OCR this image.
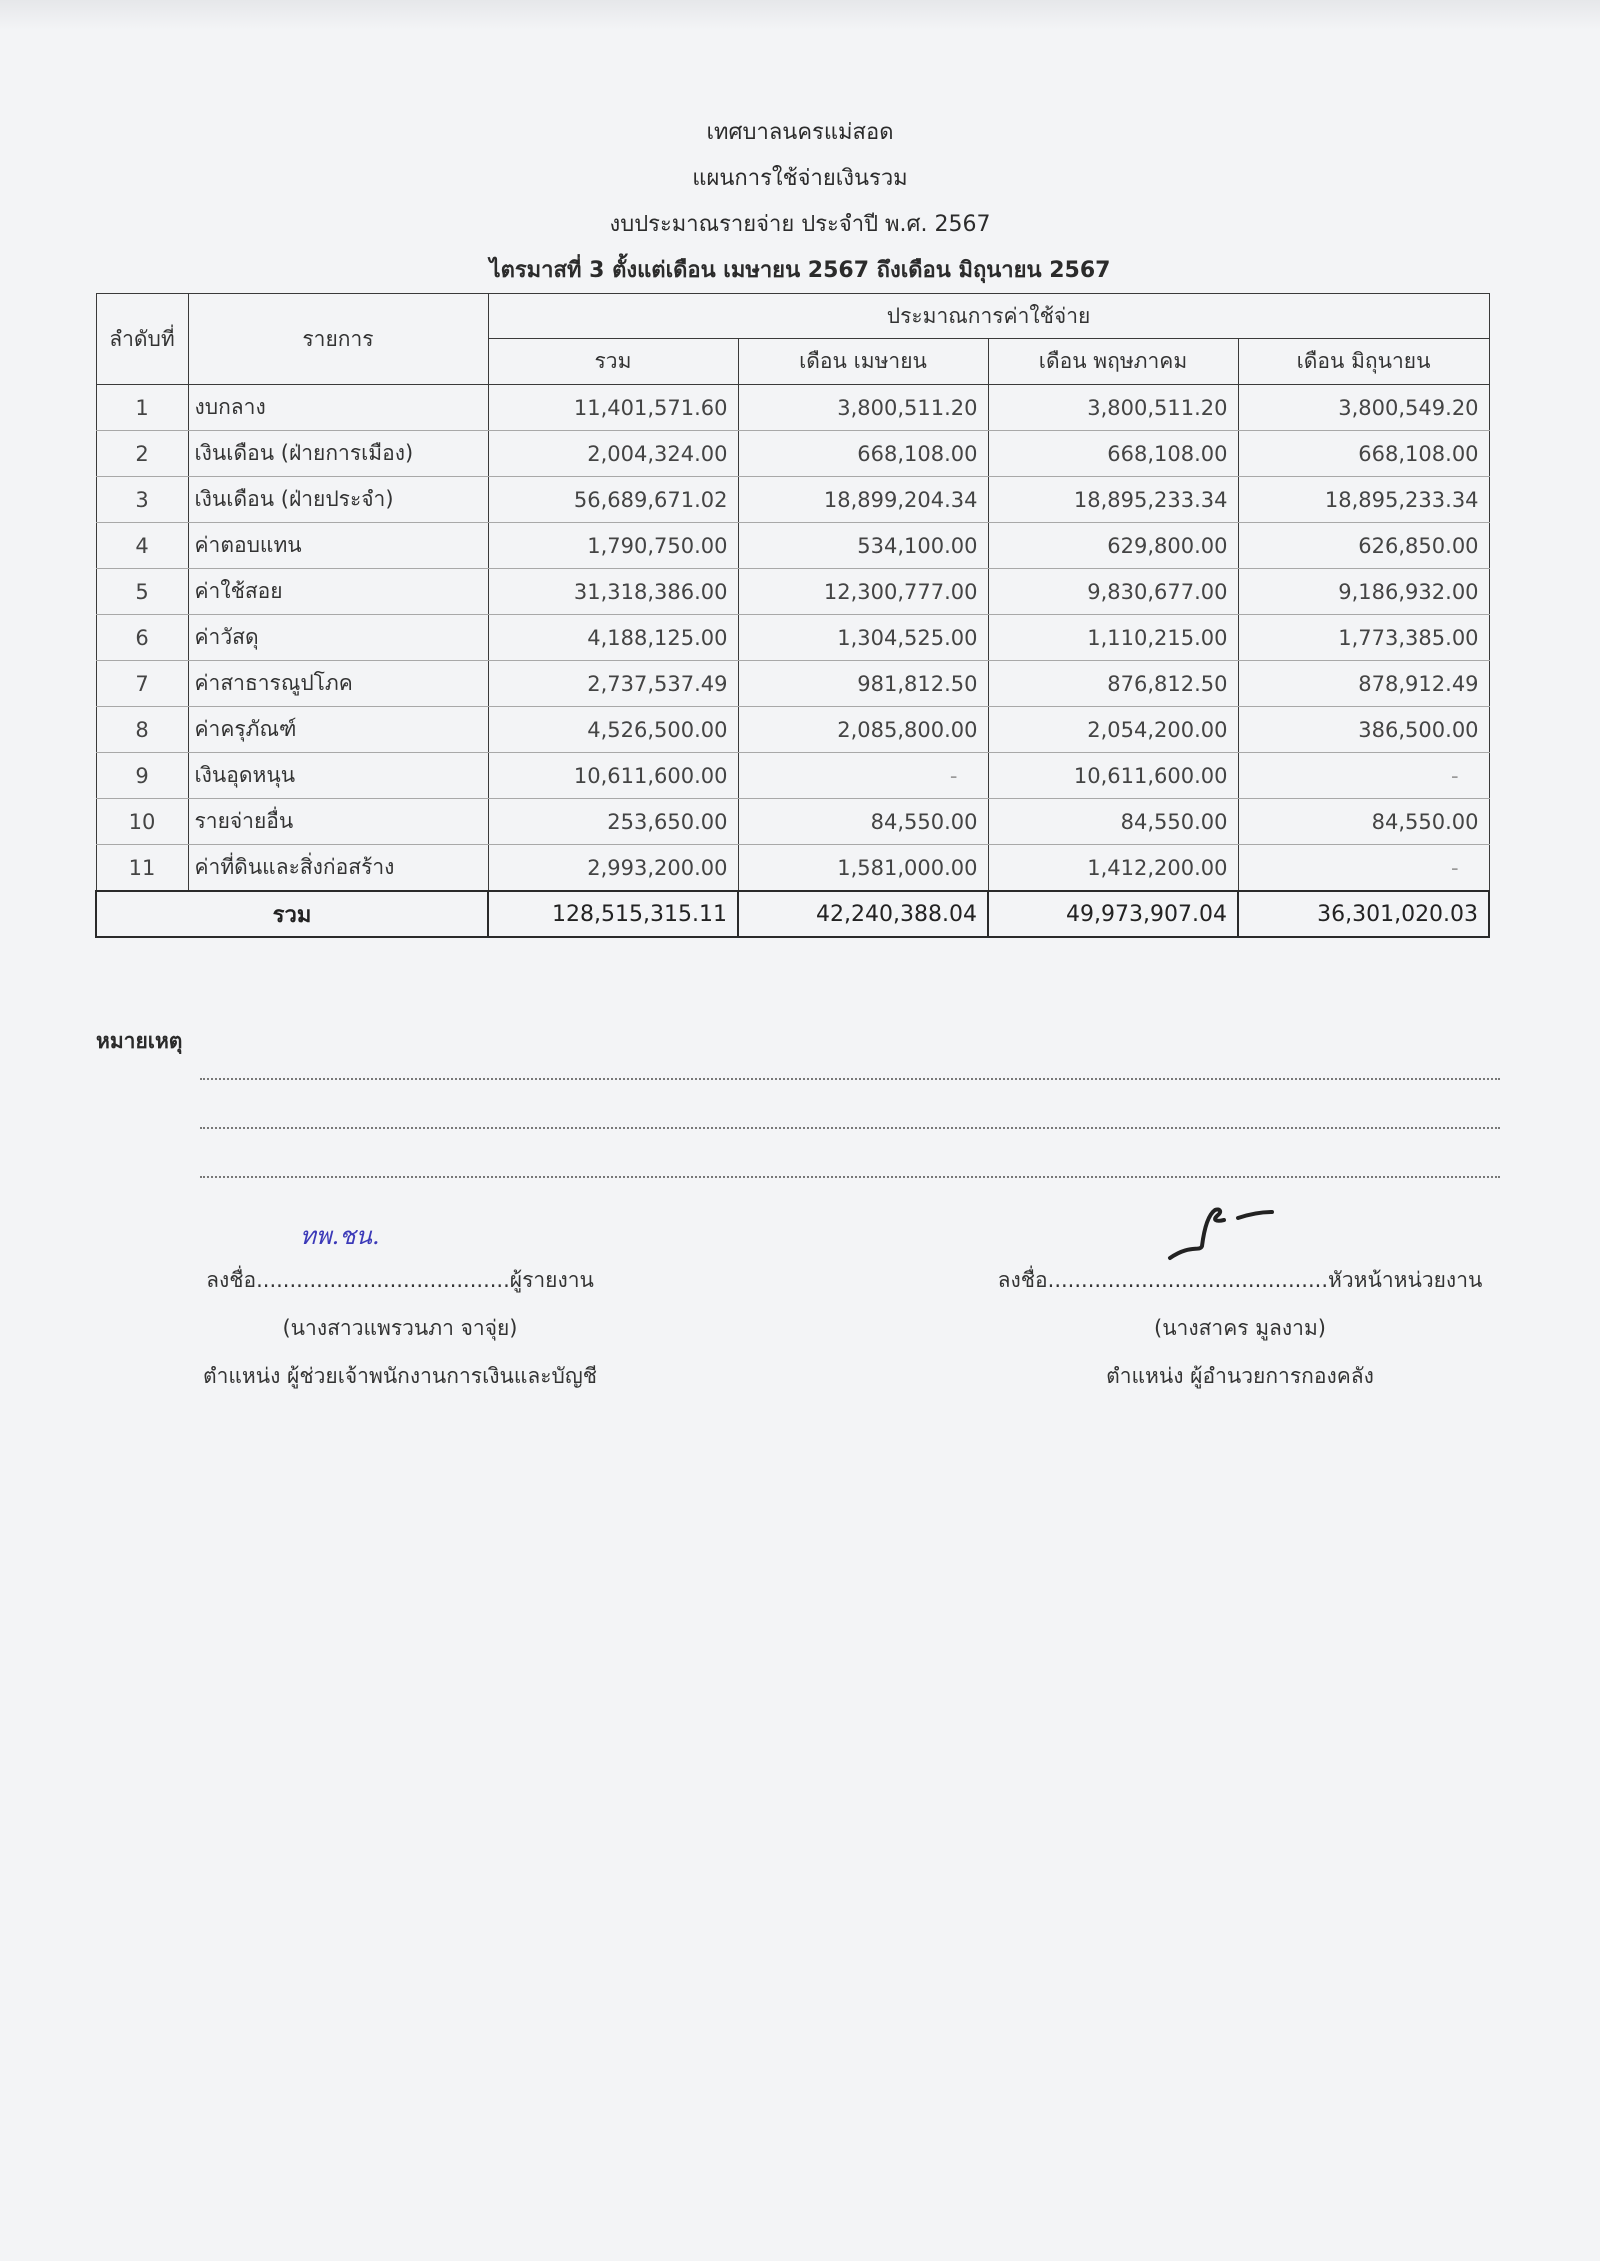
เทศบาลนครแม่สอด
แผนการใช้จ่ายเงินรวม
งบประมาณรายจ่าย ประจำปี พ.ศ. 2567
ไตรมาสที่ 3 ตั้งแต่เดือน เมษายน 2567 ถึงเดือน มิถุนายน 2567
ลำดับที่	รายการ	ประมาณการค่าใช้จ่าย			
		รวม	เดือน เมษายน	เดือน พฤษภาคม	เดือน มิถุนายน
1	งบกลาง	11,401,571.60	3,800,511.20	3,800,511.20	3,800,549.20
2	เงินเดือน (ฝ่ายการเมือง)	2,004,324.00	668,108.00	668,108.00	668,108.00
3	เงินเดือน (ฝ่ายประจำ)	56,689,671.02	18,899,204.34	18,895,233.34	18,895,233.34
4	ค่าตอบแทน	1,790,750.00	534,100.00	629,800.00	626,850.00
5	ค่าใช้สอย	31,318,386.00	12,300,777.00	9,830,677.00	9,186,932.00
6	ค่าวัสดุ	4,188,125.00	1,304,525.00	1,110,215.00	1,773,385.00
7	ค่าสาธารณูปโภค	2,737,537.49	981,812.50	876,812.50	878,912.49
8	ค่าครุภัณฑ์	4,526,500.00	2,085,800.00	2,054,200.00	386,500.00
9	เงินอุดหนุน	10,611,600.00	-	10,611,600.00	-
10	รายจ่ายอื่น	253,650.00	84,550.00	84,550.00	84,550.00
11	ค่าที่ดินและสิ่งก่อสร้าง	2,993,200.00	1,581,000.00	1,412,200.00	-
รวม		128,515,315.11	42,240,388.04	49,973,907.04	36,301,020.03
หมายเหตุ
ทพ.ชน.
ลงชื่อ......................................ผู้รายงาน
(นางสาวแพรวนภา จาจุ่ย)
ตำแหน่ง ผู้ช่วยเจ้าพนักงานการเงินและบัญชี
ลงชื่อ..........................................หัวหน้าหน่วยงาน
(นางสาคร มูลงาม)
ตำแหน่ง ผู้อำนวยการกองคลัง
